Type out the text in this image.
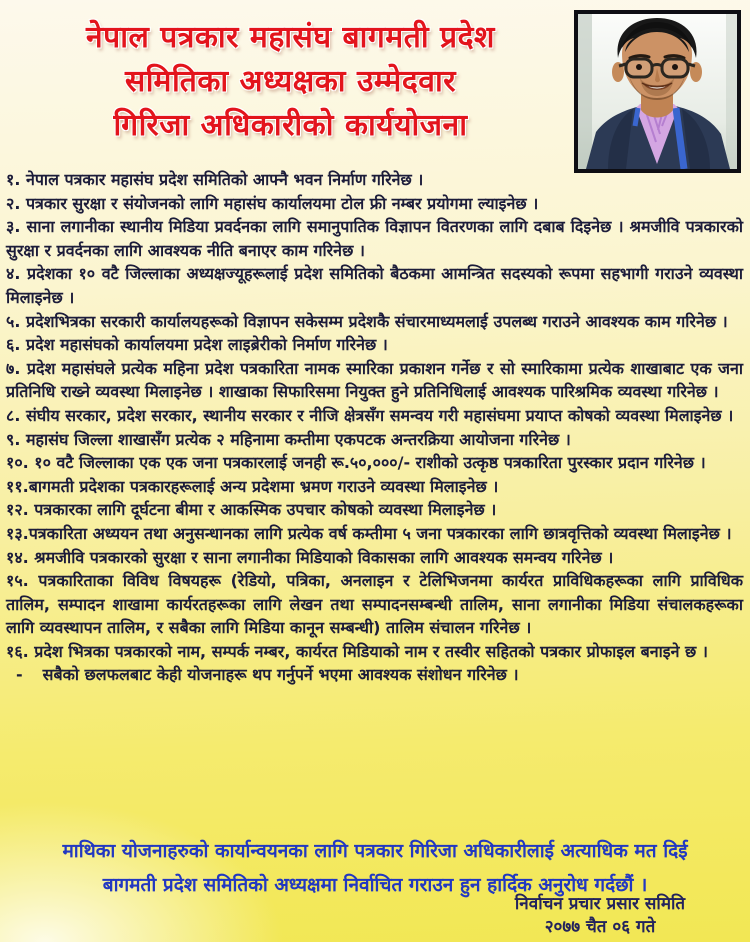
नेपाल पत्रकार महासंघ बागमती प्रदेश
समितिका अध्यक्षका उम्मेदवार
गिरिजा अधिकारीको कार्ययोजना

१. नेपाल पत्रकार महासंघ प्रदेश समितिको आफ्नै भवन निर्माण गरिनेछ ।

२. पत्रकार सुरक्षा र संयोजनको लागि महासंघ कार्यालयमा टोल फ्री नम्बर प्रयोगमा ल्याइनेछ ।

३. साना लगानीका स्थानीय मिडिया प्रवर्दनका लागि समानुपातिक विज्ञापन वितरणका लागि दबाब दिइनेछ । श्रमजीवि पत्रकारको सुरक्षा र प्रवर्दनका लागि आवश्यक नीति बनाएर काम गरिनेछ ।

४. प्रदेशका १० वटै जिल्लाका अध्यक्षज्यूहरूलाई प्रदेश समितिको बैठकमा आमन्त्रित सदस्यको रूपमा सहभागी गराउने व्यवस्था मिलाइनेछ ।

५. प्रदेशभित्रका सरकारी कार्यालयहरूको विज्ञापन सकेसम्म प्रदेशकै संचारमाध्यमलाई उपलब्ध गराउने आवश्यक काम गरिनेछ ।

६. प्रदेश महासंघको कार्यालयमा प्रदेश लाइब्रेरीको निर्माण गरिनेछ ।

७. प्रदेश महासंघले प्रत्येक महिना प्रदेश पत्रकारिता नामक स्मारिका प्रकाशन गर्नेछ र सो स्मारिकामा प्रत्येक शाखाबाट एक जना प्रतिनिधि राख्ने व्यवस्था मिलाइनेछ । शाखाका सिफारिसमा नियुक्त हुने प्रतिनिधिलाई आवश्यक पारिश्रमिक व्यवस्था गरिनेछ ।

८. संघीय सरकार, प्रदेश सरकार, स्थानीय सरकार र नीजि क्षेत्रसँग समन्वय गरी महासंघमा प्रयाप्त कोषको व्यवस्था मिलाइनेछ ।

९. महासंघ जिल्ला शाखासँग प्रत्येक २ महिनामा कम्तीमा एकपटक अन्तरक्रिया आयोजना गरिनेछ ।

१०. १० वटै जिल्लाका एक एक जना पत्रकारलाई जनही रू.५०,०००/- राशीको उत्कृष्ठ पत्रकारिता पुरस्कार प्रदान गरिनेछ ।

११.बागमती प्रदेशका पत्रकारहरूलाई अन्य प्रदेशमा भ्रमण गराउने व्यवस्था मिलाइनेछ ।

१२. पत्रकारका लागि दूर्घटना बीमा र आकस्मिक उपचार कोषको व्यवस्था मिलाइनेछ ।

१३.पत्रकारिता अध्ययन तथा अनुसन्धानका लागि प्रत्येक वर्ष कम्तीमा ५ जना पत्रकारका लागि छात्रवृत्तिको व्यवस्था मिलाइनेछ ।

१४. श्रमजीवि पत्रकारको सुरक्षा र साना लगानीका मिडियाको विकासका लागि आवश्यक समन्वय गरिनेछ ।

१५. पत्रकारिताका विविध विषयहरू (रेडियो, पत्रिका, अनलाइन र टेलिभिजनमा कार्यरत प्राविधिकहरूका लागि प्राविधिक तालिम, सम्पादन शाखामा कार्यरतहरूका लागि लेखन तथा सम्पादनसम्बन्धी तालिम, साना लगानीका मिडिया संचालकहरूका लागि व्यवस्थापन तालिम, र सबैका लागि मिडिया कानून सम्बन्धी) तालिम संचालन गरिनेछ ।

१६. प्रदेश भित्रका पत्रकारको नाम, सम्पर्क नम्बर, कार्यरत मिडियाको नाम र तस्वीर सहितको पत्रकार प्रोफाइल बनाइने छ ।

- सबैको छलफलबाट केही योजनाहरू थप गर्नुपर्ने भएमा आवश्यक संशोधन गरिनेछ ।

माथिका योजनाहरुको कार्यान्वयनका लागि पत्रकार गिरिजा अधिकारीलाई अत्याधिक मत दिई
बागमती प्रदेश समितिको अध्यक्षमा निर्वाचित गराउन हुन हार्दिक अनुरोध गर्दछौं ।
निर्वाचन प्रचार प्रसार समिति
२०७७ चैत ०६ गते
